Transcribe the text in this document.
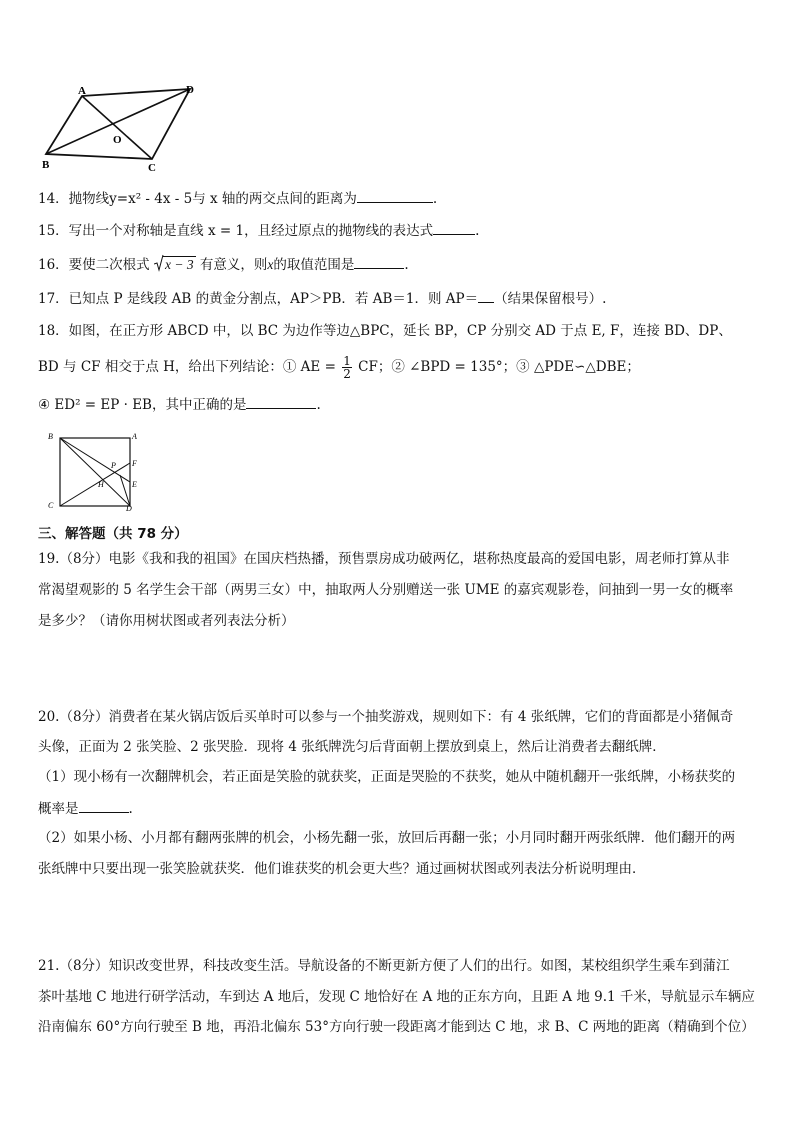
A	D
O
B	C
14．抛物线y=x² - 4x - 5与 x 轴的两交点间的距离为	.
15．写出一个对称轴是直线 x = 1，且经过原点的抛物线的表达式	.
16．要使二次根式 x − 3 有意义，则x的取值范围是	.
17．已知点 P 是线段 AB 的黄金分割点，AP＞PB．若 AB＝1．则 AP＝ （结果保留根号）.
18．如图，在正方形 ABCD 中，以 BC 为边作等边△BPC，延长 BP，CP 分别交 AD 于点 E, F，连接 BD、DP、
BD 与 CF 相交于点 H，给出下列结论：① AE = $\frac{1}{2}$ CF；② ∠BPD = 135°；③ △PDE∽△DBE；
④ ED² = EP · EB，其中正确的是	.
B	A
C	D
P F
H	E
三、解答题（共 78 分）
19.（8分）电影《我和我的祖国》在国庆档热播，预售票房成功破两亿，堪称热度最高的爱国电影，周老师打算从非
常渴望观影的 5 名学生会干部（两男三女）中，抽取两人分别赠送一张 UME 的嘉宾观影卷，问抽到一男一女的概率
是多少？（请你用树状图或者列表法分析）
20.（8分）消费者在某火锅店饭后买单时可以参与一个抽奖游戏，规则如下：有 4 张纸牌，它们的背面都是小猪佩奇
头像，正面为 2 张笑脸、2 张哭脸．现将 4 张纸牌洗匀后背面朝上摆放到桌上，然后让消费者去翻纸牌．
（1）现小杨有一次翻牌机会，若正面是笑脸的就获奖，正面是哭脸的不获奖，她从中随机翻开一张纸牌，小杨获奖的
概率是	.
（2）如果小杨、小月都有翻两张牌的机会，小杨先翻一张，放回后再翻一张；小月同时翻开两张纸牌．他们翻开的两
张纸牌中只要出现一张笑脸就获奖．他们谁获奖的机会更大些？通过画树状图或列表法分析说明理由．
21.（8分）知识改变世界，科技改变生活。导航设备的不断更新方便了人们的出行。如图，某校组织学生乘车到蒲江
茶叶基地 C 地进行研学活动，车到达 A 地后，发现 C 地恰好在 A 地的正东方向，且距 A 地 9.1 千米，导航显示车辆应
沿南偏东 60°方向行驶至 B 地，再沿北偏东 53°方向行驶一段距离才能到达 C 地，求 B、C 两地的距离（精确到个位）
